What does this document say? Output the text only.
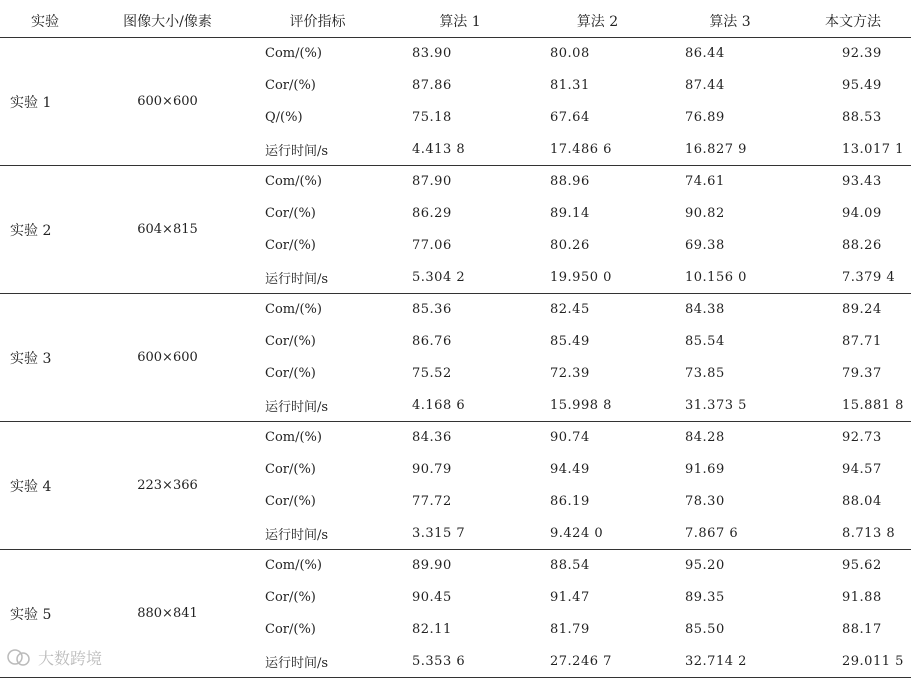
实验	图像大小/像素	评价指标	算法 1	算法 2	算法 3	本文方法
实验 1	600×600	Com/(%)	83.90	80.08	86.44	92.39
		Cor/(%)	87.86	81.31	87.44	95.49
		Q/(%)	75.18	67.64	76.89	88.53
		运行时间/s	4.413 8	17.486 6	16.827 9	13.017 1
实验 2	604×815	Com/(%)	87.90	88.96	74.61	93.43
		Cor/(%)	86.29	89.14	90.82	94.09
		Cor/(%)	77.06	80.26	69.38	88.26
		运行时间/s	5.304 2	19.950 0	10.156 0	7.379 4
实验 3	600×600	Com/(%)	85.36	82.45	84.38	89.24
		Cor/(%)	86.76	85.49	85.54	87.71
		Cor/(%)	75.52	72.39	73.85	79.37
		运行时间/s	4.168 6	15.998 8	31.373 5	15.881 8
实验 4	223×366	Com/(%)	84.36	90.74	84.28	92.73
		Cor/(%)	90.79	94.49	91.69	94.57
		Cor/(%)	77.72	86.19	78.30	88.04
		运行时间/s	3.315 7	9.424 0	7.867 6	8.713 8
实验 5	880×841	Com/(%)	89.90	88.54	95.20	95.62
		Cor/(%)	90.45	91.47	89.35	91.88
		Cor/(%)	82.11	81.79	85.50	88.17
		运行时间/s	5.353 6	27.246 7	32.714 2	29.011 5
大数跨境
